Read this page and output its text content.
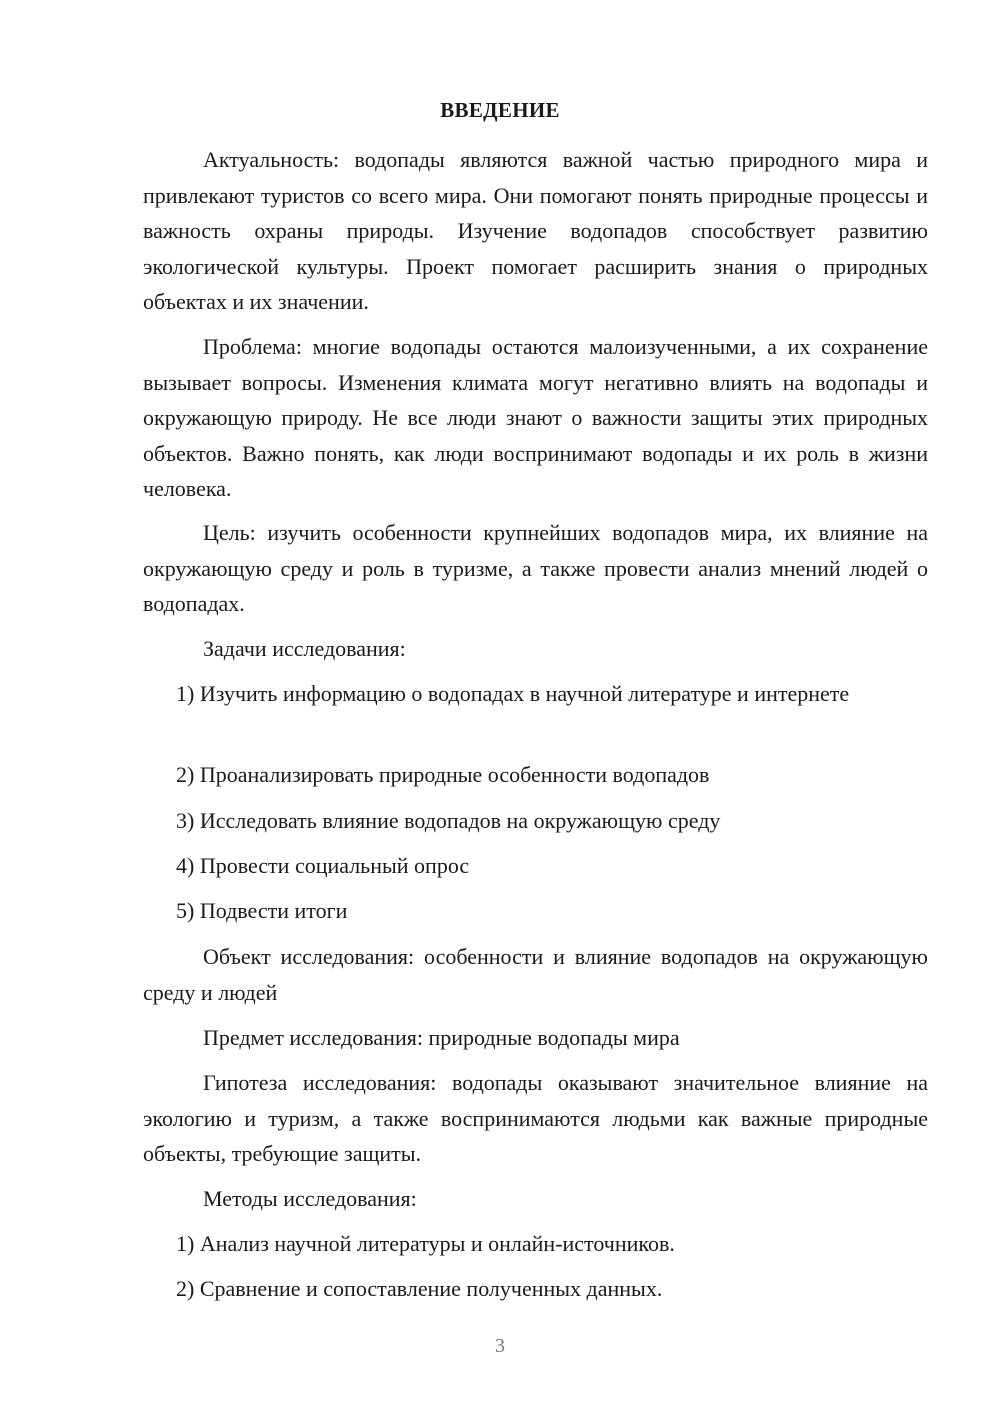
ВВЕДЕНИЕ
Актуальность: водопады являются важной частью природного мира и привлекают туристов со всего мира. Они помогают понять природные процессы и важность охраны природы. Изучение водопадов способствует развитию экологической культуры. Проект помогает расширить знания о природных объектах и их значении.
Проблема: многие водопады остаются малоизученными, а их сохранение вызывает вопросы. Изменения климата могут негативно влиять на водопады и окружающую природу. Не все люди знают о важности защиты этих природных объектов. Важно понять, как люди воспринимают водопады и их роль в жизни человека.
Цель: изучить особенности крупнейших водопадов мира, их влияние на окружающую среду и роль в туризме, а также провести анализ мнений людей о водопадах.
Задачи исследования:
1) Изучить информацию о водопадах в научной литературе и интернете
2) Проанализировать природные особенности водопадов
3) Исследовать влияние водопадов на окружающую среду
4) Провести социальный опрос
5) Подвести итоги
Объект исследования: особенности и влияние водопадов на окружающую среду и людей
Предмет исследования: природные водопады мира
Гипотеза исследования: водопады оказывают значительное влияние на экологию и туризм, а также воспринимаются людьми как важные природные объекты, требующие защиты.
Методы исследования:
1) Анализ научной литературы и онлайн-источников.
2) Сравнение и сопоставление полученных данных.
3
